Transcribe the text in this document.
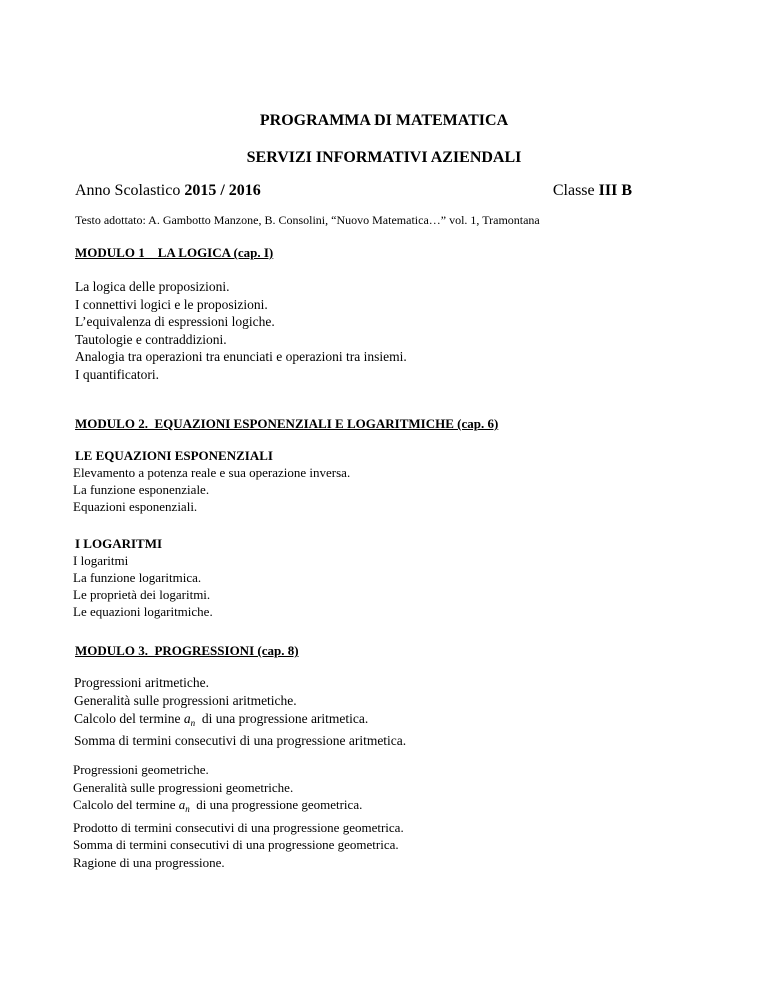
PROGRAMMA DI MATEMATICA
SERVIZI INFORMATIVI AZIENDALI
Anno Scolastico 2015 / 2016	Classe III B
Testo adottato: A. Gambotto Manzone, B. Consolini, “Nuovo Matematica…” vol. 1, Tramontana
MODULO 1    LA LOGICA (cap. I)
La logica delle proposizioni.
I connettivi logici e le proposizioni.
L’equivalenza di espressioni logiche.
Tautologie e contraddizioni.
Analogia tra operazioni tra enunciati e operazioni tra insiemi.
I quantificatori.
MODULO 2.  EQUAZIONI ESPONENZIALI E LOGARITMICHE (cap. 6)
LE EQUAZIONI ESPONENZIALI
Elevamento a potenza reale e sua operazione inversa.
La funzione esponenziale.
Equazioni esponenziali.
I LOGARITMI
I logaritmi
La funzione logaritmica.
Le proprietà dei logaritmi.
Le equazioni logaritmiche.
MODULO 3.  PROGRESSIONI (cap. 8)
Progressioni aritmetiche.
Generalità sulle progressioni aritmetiche.
Calcolo del termine $a_n$  di una progressione aritmetica.
Somma di termini consecutivi di una progressione aritmetica.
Progressioni geometriche.
Generalità sulle progressioni geometriche.
Calcolo del termine $a_n$  di una progressione geometrica.
Prodotto di termini consecutivi di una progressione geometrica.
Somma di termini consecutivi di una progressione geometrica.
Ragione di una progressione.
